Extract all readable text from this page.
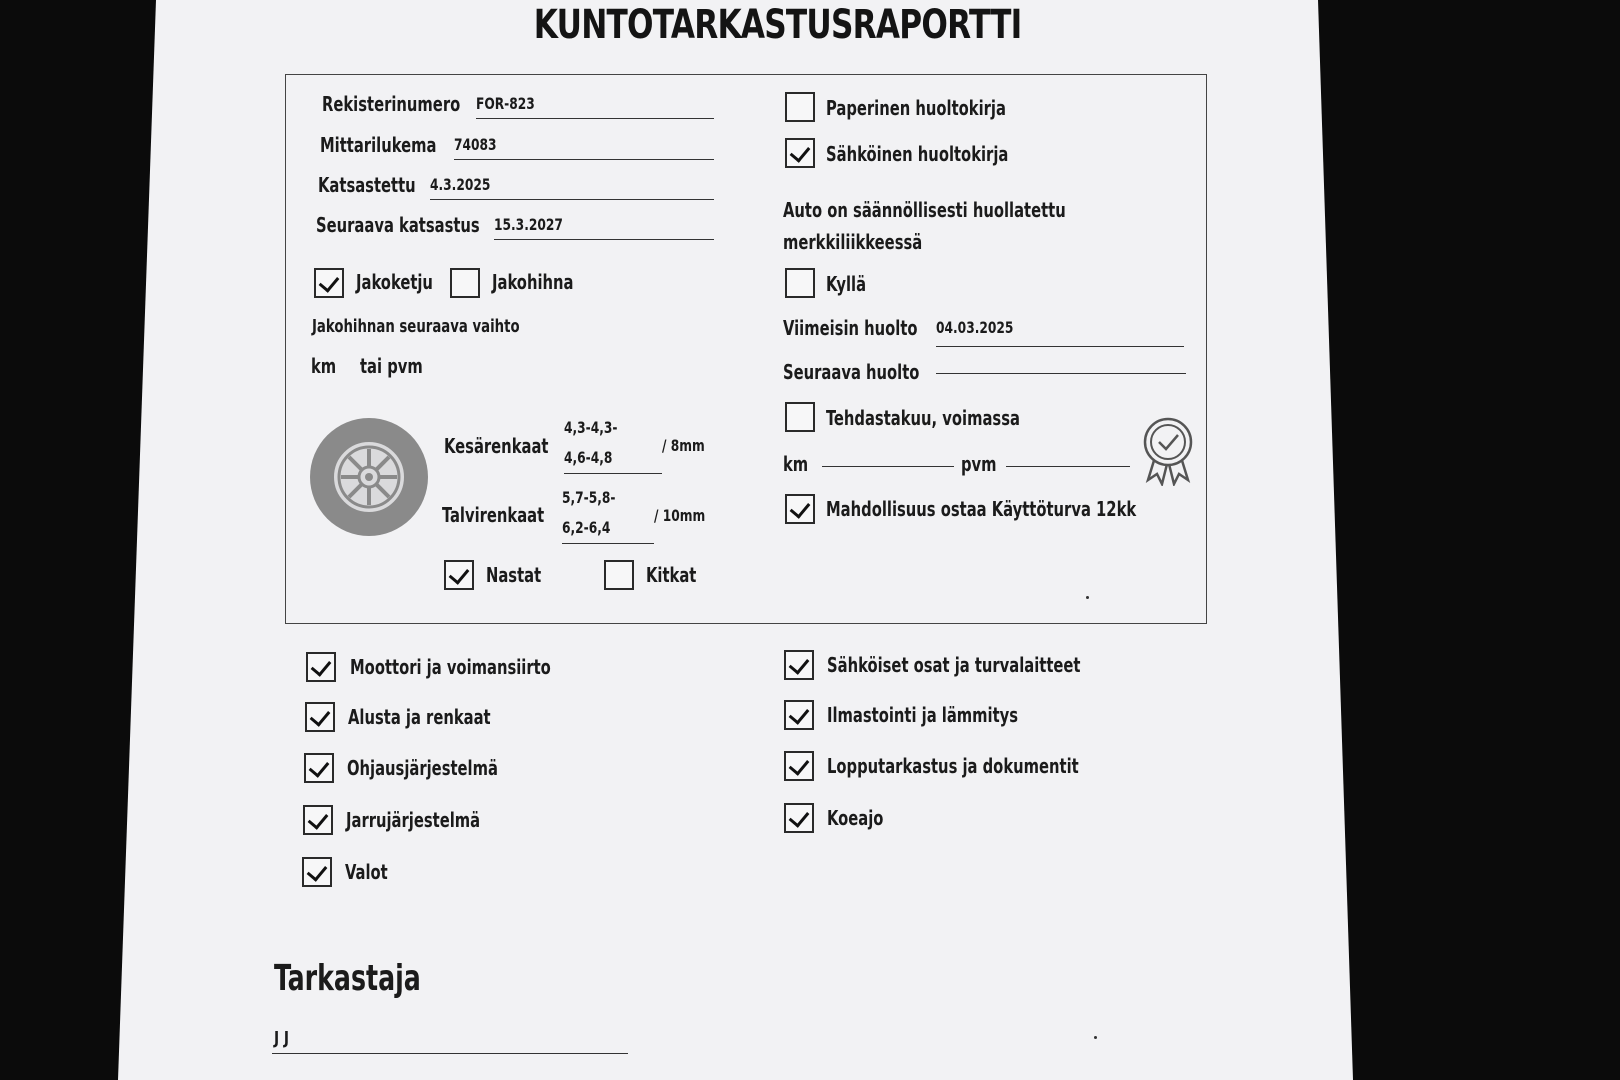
KUNTOTARKASTUSRAPORTTI
Rekisterinumero FOR-823
Mittarilukema 74083
Katsastettu 4.3.2025
Seuraava katsastus 15.3.2027
Jakoketju	Jakohihna
Jakohihnan seuraava vaihto
km tai pvm
Kesärenkaat
4,3-4,3-
4,6-4,8
/ 8mm
Talvirenkaat
5,7-5,8-
6,2-6,4
/ 10mm
Nastat	Kitkat
Paperinen huoltokirja
Sähköinen huoltokirja
Auto on säännöllisesti huollatettu
merkkiliikkeessä
Kyllä
Viimeisin huolto 04.03.2025
Seuraava huolto
Tehdastakuu, voimassa
km	pvm
Mahdollisuus ostaa Käyttöturva 12kk
Moottori ja voimansiirto
Alusta ja renkaat
Ohjausjärjestelmä
Jarrujärjestelmä
Valot
Sähköiset osat ja turvalaitteet
Ilmastointi ja lämmitys
Lopputarkastus ja dokumentit
Koeajo
Tarkastaja
J J
